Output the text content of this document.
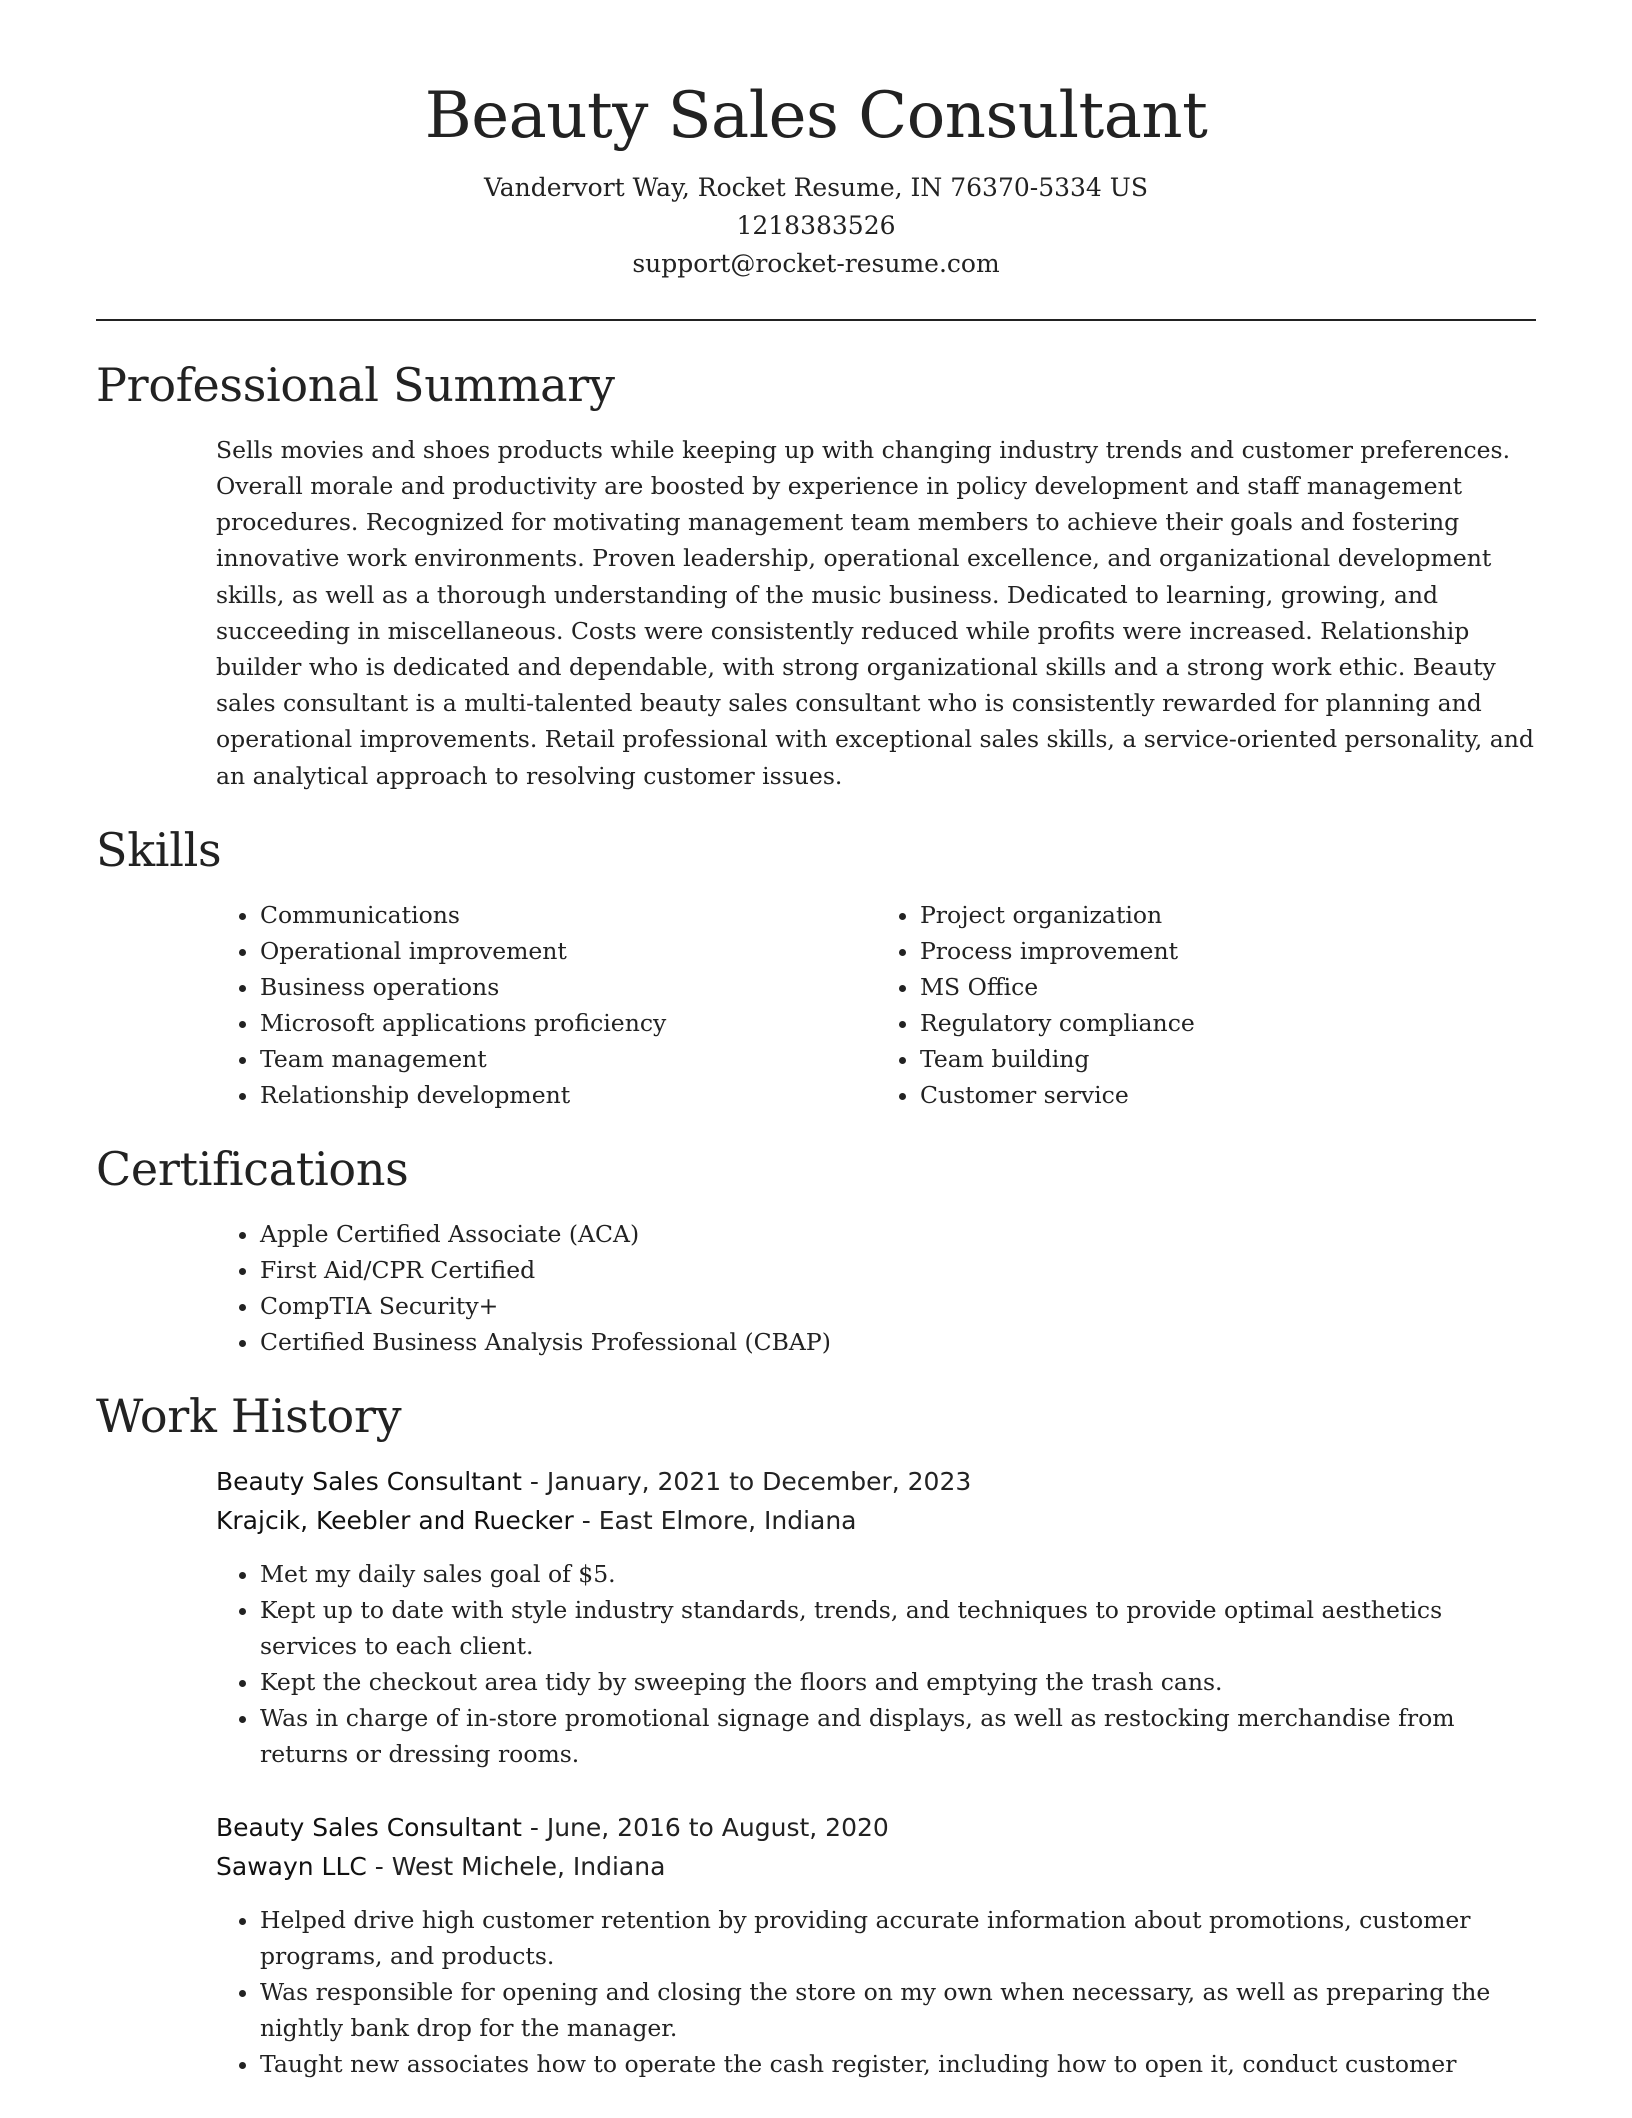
Beauty Sales Consultant
Vandervort Way, Rocket Resume, IN 76370-5334 US
1218383526
support@rocket-resume.com
Professional Summary

Sells movies and shoes products while keeping up with changing industry trends and customer preferences. Overall morale and productivity are boosted by experience in policy development and staff management procedures. Recognized for motivating management team members to achieve their goals and fostering innovative work environments. Proven leadership, operational excellence, and organizational development skills, as well as a thorough understanding of the music business. Dedicated to learning, growing, and succeeding in miscellaneous. Costs were consistently reduced while profits were increased. Relationship builder who is dedicated and dependable, with strong organizational skills and a strong work ethic. Beauty sales consultant is a multi-talented beauty sales consultant who is consistently rewarded for planning and operational improvements. Retail professional with exceptional sales skills, a service-oriented personality, and an analytical approach to resolving customer issues.

Skills
• Communications
• Operational improvement
• Business operations
• Microsoft applications proficiency
• Team management
• Relationship development
• Project organization
• Process improvement
• MS Office
• Regulatory compliance
• Team building
• Customer service
Certifications
• Apple Certified Associate (ACA)
• First Aid/CPR Certified
• CompTIA Security+
• Certified Business Analysis Professional (CBAP)
Work History
Beauty Sales Consultant - January, 2021 to December, 2023
Krajcik, Keebler and Ruecker - East Elmore, Indiana
• Met my daily sales goal of $5.
• Kept up to date with style industry standards, trends, and techniques to provide optimal aesthetics services to each client.
• Kept the checkout area tidy by sweeping the floors and emptying the trash cans.
• Was in charge of in-store promotional signage and displays, as well as restocking merchandise from returns or dressing rooms.
Beauty Sales Consultant - June, 2016 to August, 2020
Sawayn LLC - West Michele, Indiana
• Helped drive high customer retention by providing accurate information about promotions, customer programs, and products.
• Was responsible for opening and closing the store on my own when necessary, as well as preparing the nightly bank drop for the manager.
• Taught new associates how to operate the cash register, including how to open it, conduct customer
